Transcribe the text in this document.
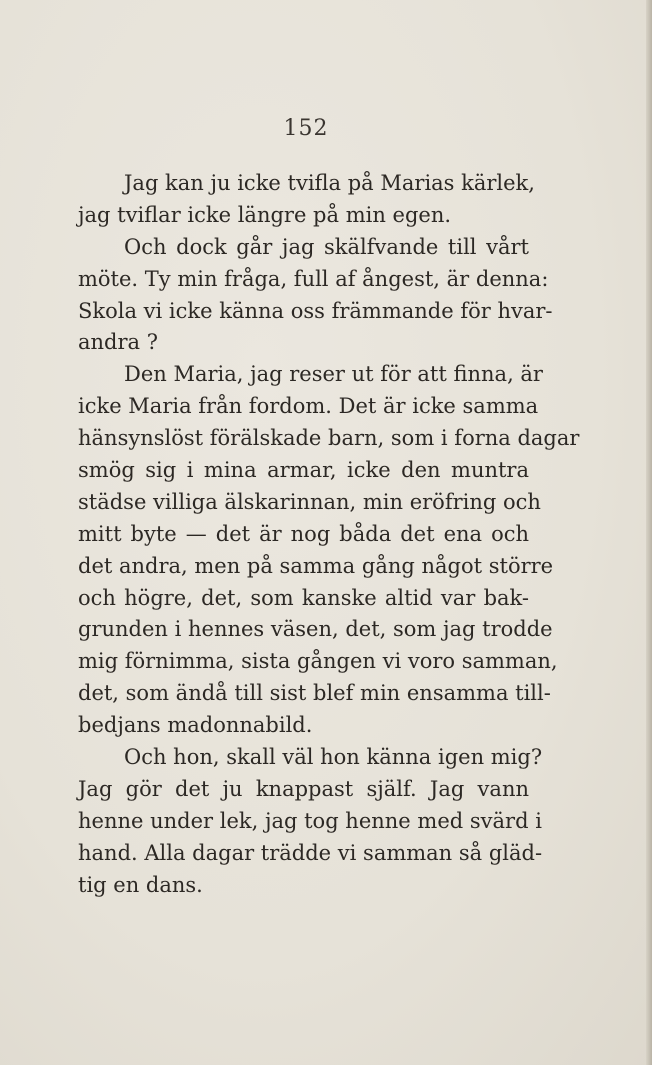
152
Jag kan ju icke tvifla på Marias kärlek,
jag tviflar icke längre på min egen.
Och dock går jag skälfvande till vårt
möte. Ty min fråga, full af ångest, är denna:
Skola vi icke känna oss främmande för hvar-
andra ?
Den Maria, jag reser ut för att finna, är
icke Maria från fordom. Det är icke samma
hänsynslöst förälskade barn, som i forna dagar
smög sig i mina armar, icke den muntra
städse villiga älskarinnan, min eröfring och
mitt byte — det är nog båda det ena och
det andra, men på samma gång något större
och högre, det, som kanske altid var bak-
grunden i hennes väsen, det, som jag trodde
mig förnimma, sista gången vi voro samman,
det, som ändå till sist blef min ensamma till-
bedjans madonnabild.
Och hon, skall väl hon känna igen mig?
Jag gör det ju knappast själf. Jag vann
henne under lek, jag tog henne med svärd i
hand. Alla dagar trädde vi samman så gläd-
tig en dans.
